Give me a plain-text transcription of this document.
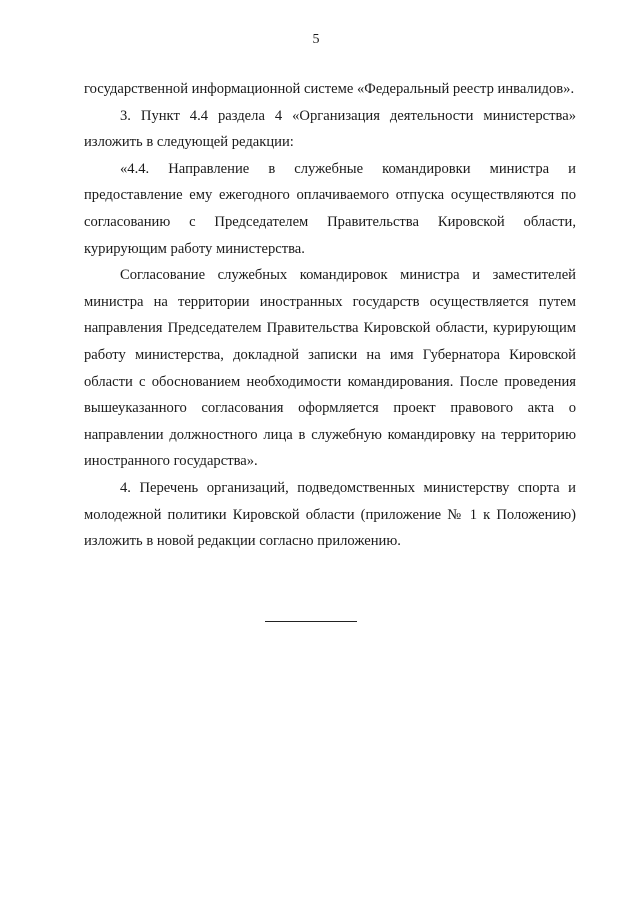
5

государственной информационной системе «Федеральный реестр инвалидов».

3. Пункт 4.4 раздела 4 «Организация деятельности министерства» изложить в следующей редакции:

«4.4. Направление в служебные командировки министра и предоставление ему ежегодного оплачиваемого отпуска осуществляются по согласованию с Председателем Правительства Кировской области, курирующим работу министерства.

Согласование служебных командировок министра и заместителей министра на территории иностранных государств осуществляется путем направления Председателем Правительства Кировской области, курирующим работу министерства, докладной записки на имя Губернатора Кировской области с обоснованием необходимости командирования. После проведения вышеуказанного согласования оформляется проект правового акта о направлении должностного лица в служебную командировку на территорию иностранного государства».

4. Перечень организаций, подведомственных министерству спорта и молодежной политики Кировской области (приложение № 1 к Положению) изложить в новой редакции согласно приложению.
